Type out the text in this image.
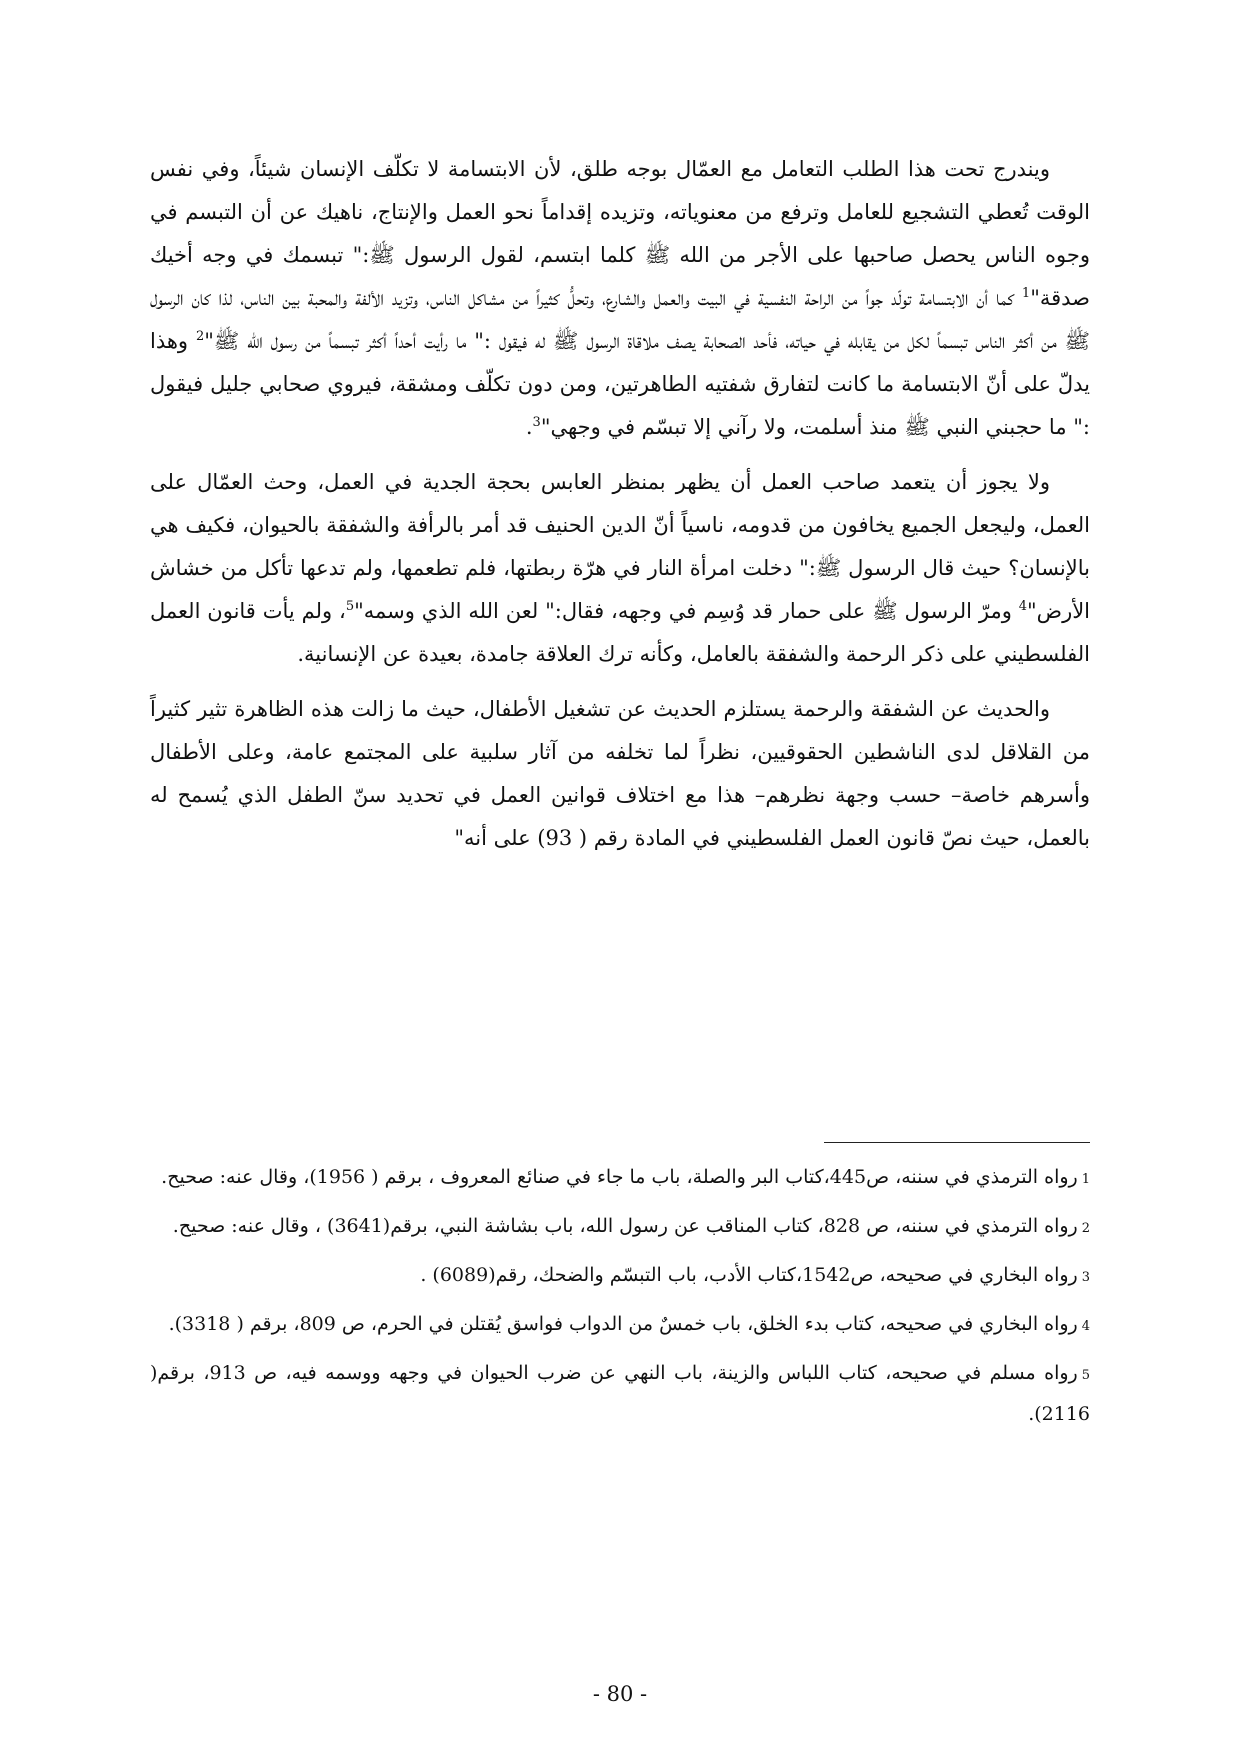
ويندرج تحت هذا الطلب التعامل مع العمّال بوجه طلق، لأن الابتسامة لا تكلّف الإنسان شيئاً، وفي نفس الوقت تُعطي التشجيع للعامل وترفع من معنوياته، وتزيده إقداماً نحو العمل والإنتاج، ناهيك عن أن التبسم في وجوه الناس يحصل صاحبها على الأجر من الله ﷺ كلما ابتسم، لقول الرسول ﷺ:" تبسمك في وجه أخيك صدقة"$^1$ كما أن الابتسامة تولّد جواً من الراحة النفسية في البيت والعمل والشارع، وتحلُّ كثيراً من مشاكل الناس، وتزيد الألفة والمحبة بين الناس، لذا كان الرسول ﷺ من أكثر الناس تبسماً لكل من يقابله في حياته، فأحد الصحابة يصف ملاقاة الرسول ﷺ له فيقول :" ما رأيت أحداً أكثر تبسماً من رسول الله ﷺ"$^2$ وهذا يدلّ على أنّ الابتسامة ما كانت لتفارق شفتيه الطاهرتين، ومن دون تكلّف ومشقة، فيروي صحابي جليل فيقول :" ما حجبني النبي ﷺ منذ أسلمت، ولا رآني إلا تبسّم في وجهي"$^3$.

ولا يجوز أن يتعمد صاحب العمل أن يظهر بمنظر العابس بحجة الجدية في العمل، وحث العمّال على العمل، وليجعل الجميع يخافون من قدومه، ناسياً أنّ الدين الحنيف قد أمر بالرأفة والشفقة بالحيوان، فكيف هي بالإنسان؟ حيث قال الرسول ﷺ:" دخلت امرأة النار في هرّة ربطتها، فلم تطعمها، ولم تدعها تأكل من خشاش الأرض"$^4$ ومرّ الرسول ﷺ على حمار قد وُسِم في وجهه، فقال:" لعن الله الذي وسمه"$^5$، ولم يأت قانون العمل الفلسطيني على ذكر الرحمة والشفقة بالعامل، وكأنه ترك العلاقة جامدة، بعيدة عن الإنسانية.

والحديث عن الشفقة والرحمة يستلزم الحديث عن تشغيل الأطفال، حيث ما زالت هذه الظاهرة تثير كثيراً من القلاقل لدى الناشطين الحقوقيين، نظراً لما تخلفه من آثار سلبية على المجتمع عامة، وعلى الأطفال وأسرهم خاصة– حسب وجهة نظرهم– هذا مع اختلاف قوانين العمل في تحديد سنّ الطفل الذي يُسمح له بالعمل، حيث نصّ قانون العمل الفلسطيني في المادة رقم ( 93) على أنه"

1رواه الترمذي في سننه، ص445،كتاب البر والصلة، باب ما جاء في صنائع المعروف ، برقم ( 1956)، وقال عنه: صحيح.

2رواه الترمذي في سننه، ص 828، كتاب المناقب عن رسول الله، باب بشاشة النبي، برقم(3641) ، وقال عنه: صحيح.

3رواه البخاري في صحيحه، ص1542،كتاب الأدب، باب التبسّم والضحك، رقم(6089) .

4رواه البخاري في صحيحه، كتاب بدء الخلق، باب خمسٌ من الدواب فواسق يُقتلن في الحرم، ص 809، برقم ( 3318).

5رواه مسلم في صحيحه، كتاب اللباس والزينة، باب النهي عن ضرب الحيوان في وجهه ووسمه فيه، ص 913، برقم( 2116).

- 80 -
